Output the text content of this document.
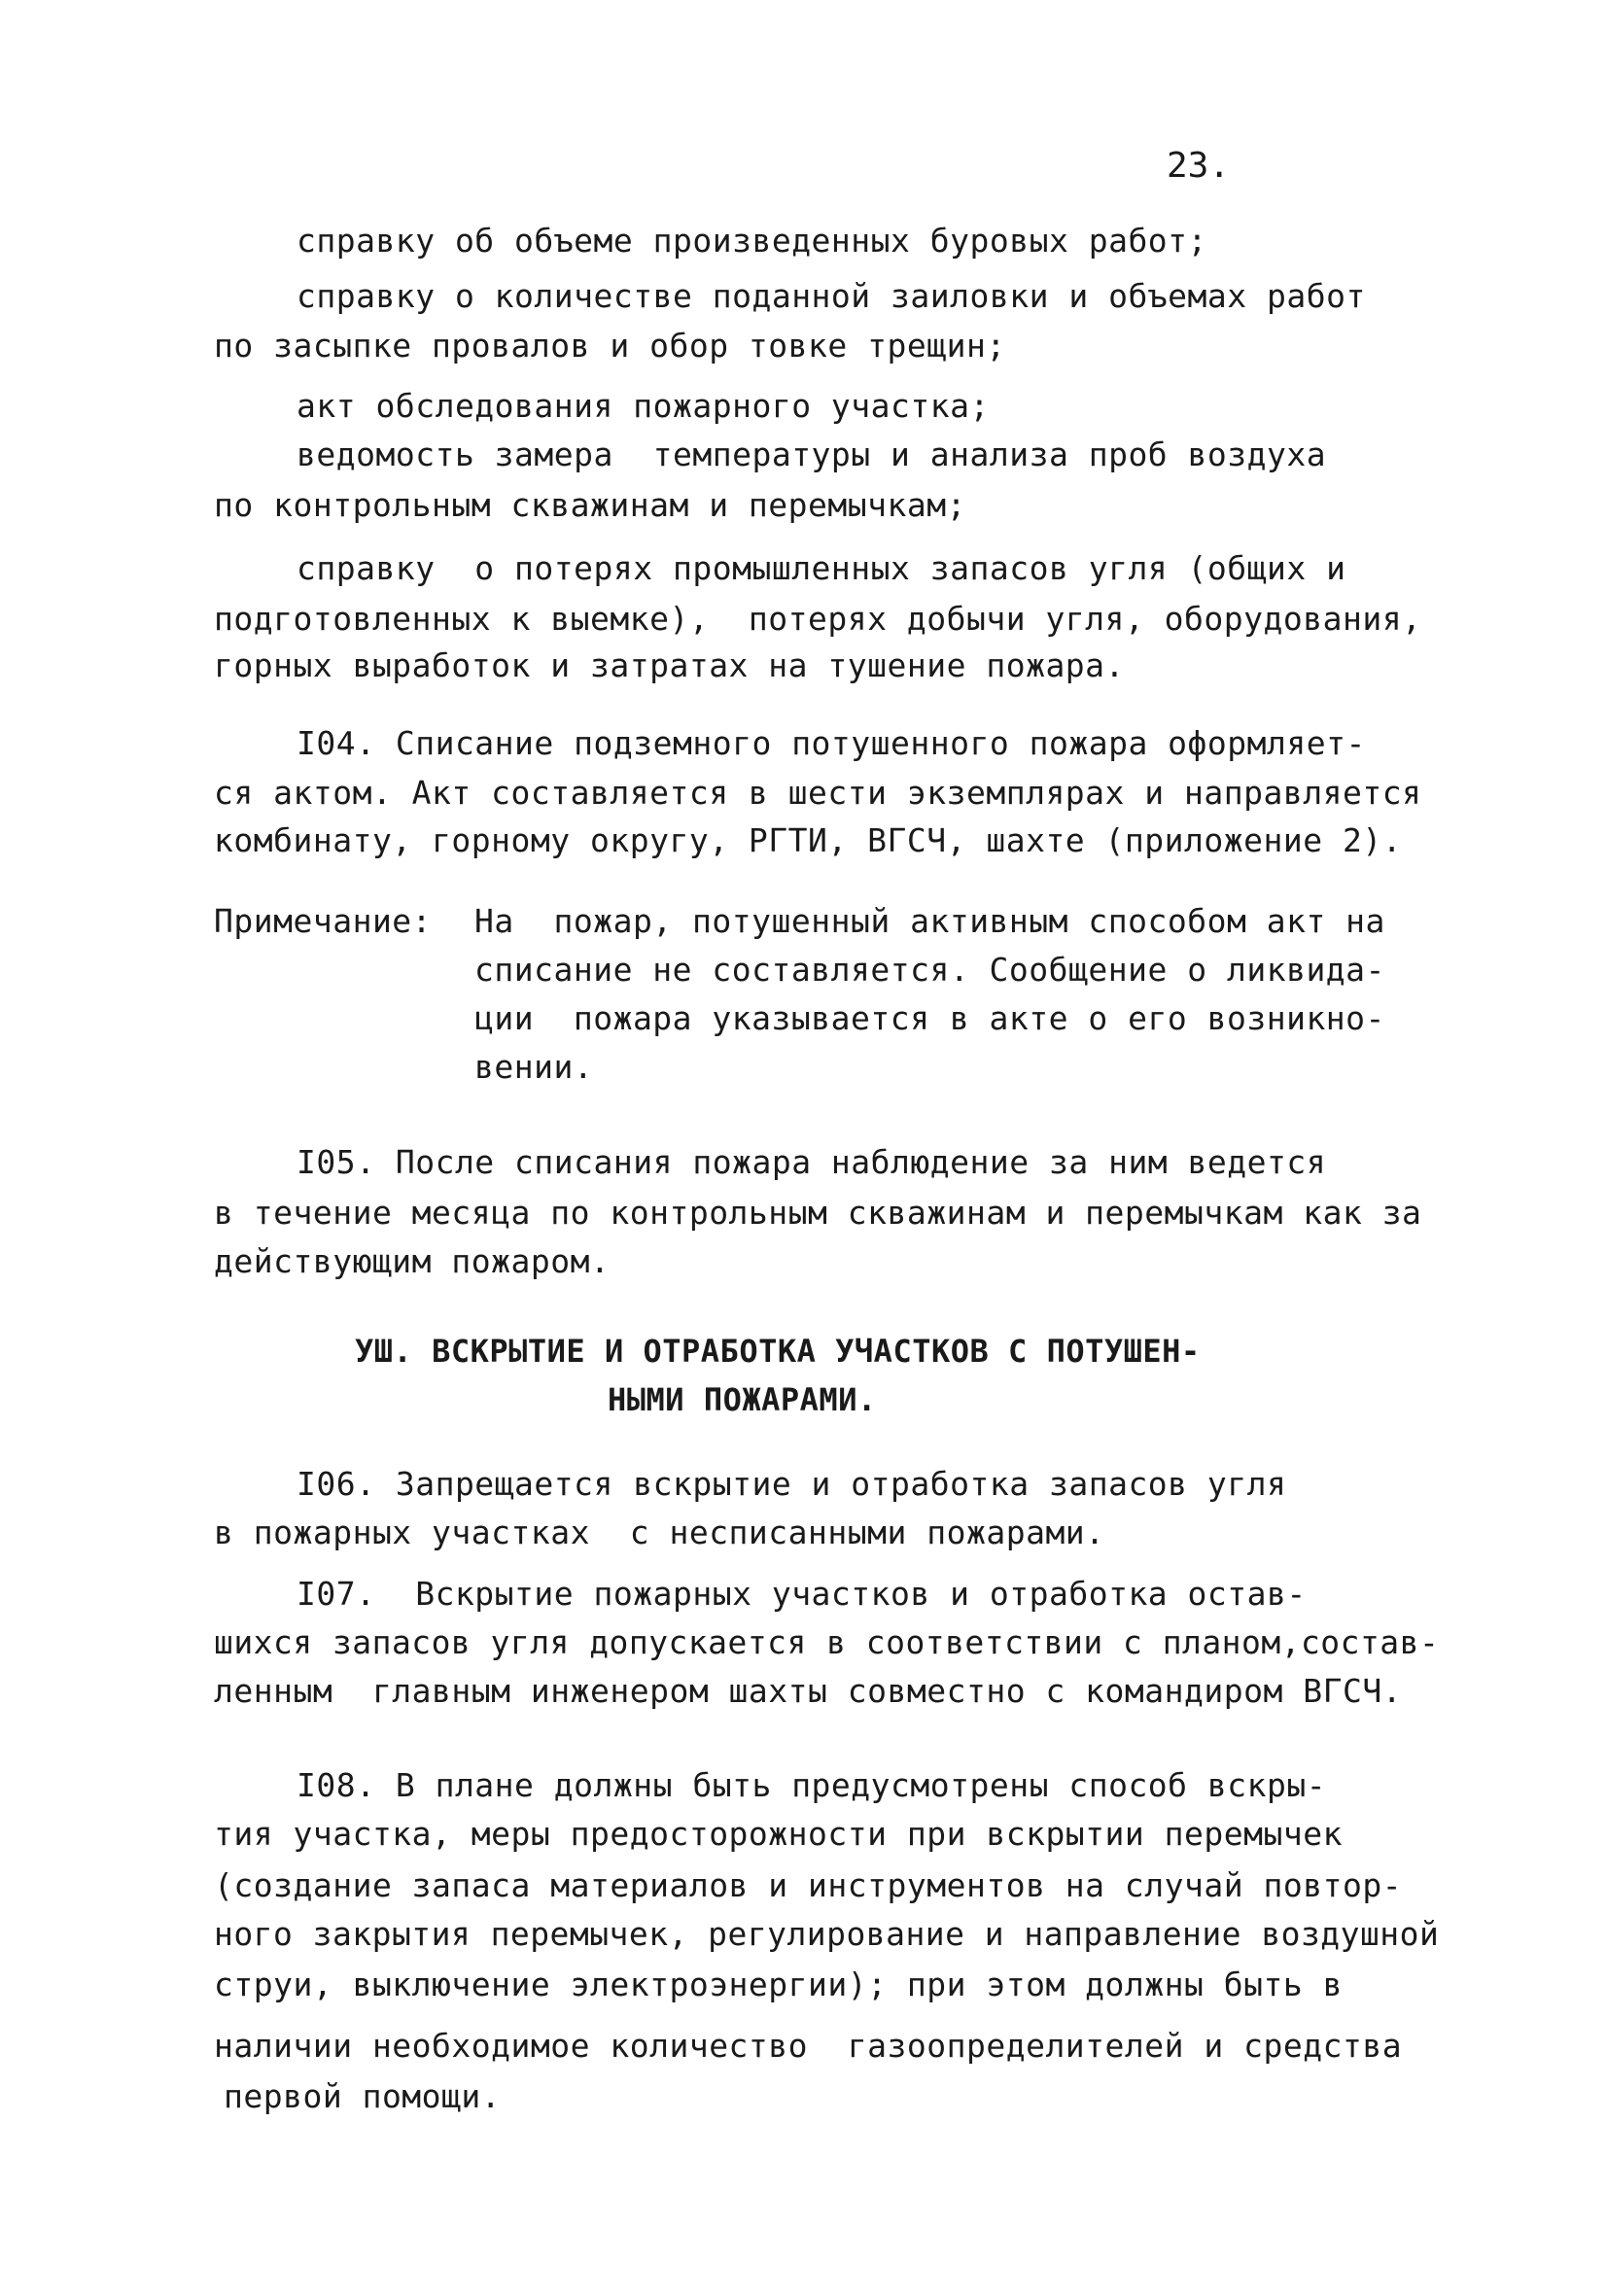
23.
справку об объеме произведенных буровых работ;
справку о количестве поданной заиловки и объемах работ
по засыпке провалов и обор товке трещин;
акт обследования пожарного участка;
ведомость замера  температуры и анализа проб воздуха
по контрольным скважинам и перемычкам;
справку  о потерях промышленных запасов угля (общих и
подготовленных к выемке),  потерях добычи угля, оборудования,
горных выработок и затратах на тушение пожара.
I04. Списание подземного потушенного пожара оформляет-
ся актом. Акт составляется в шести экземплярах и направляется
комбинату, горному округу, РГТИ, ВГСЧ, шахте (приложение 2).
Примечание: На  пожар, потушенный активным способом акт на
списание не составляется. Сообщение о ликвида-
ции  пожара указывается в акте о его возникно-
вении.
I05. После списания пожара наблюдение за ним ведется
в течение месяца по контрольным скважинам и перемычкам как за
действующим пожаром.
УШ. ВСКРЫТИЕ И ОТРАБОТКА УЧАСТКОВ С ПОТУШЕН-
НЫМИ ПОЖАРАМИ.
I06. Запрещается вскрытие и отработка запасов угля
в пожарных участках  с несписанными пожарами.
I07.  Вскрытие пожарных участков и отработка остав-
шихся запасов угля допускается в соответствии с планом,состав-
ленным  главным инженером шахты совместно с командиром ВГСЧ.
I08. В плане должны быть предусмотрены способ вскры-
тия участка, меры предосторожности при вскрытии перемычек
(создание запаса материалов и инструментов на случай повтор-
ного закрытия перемычек, регулирование и направление воздушной
струи, выключение электроэнергии); при этом должны быть в
наличии необходимое количество  газоопределителей и средства
первой помощи.
